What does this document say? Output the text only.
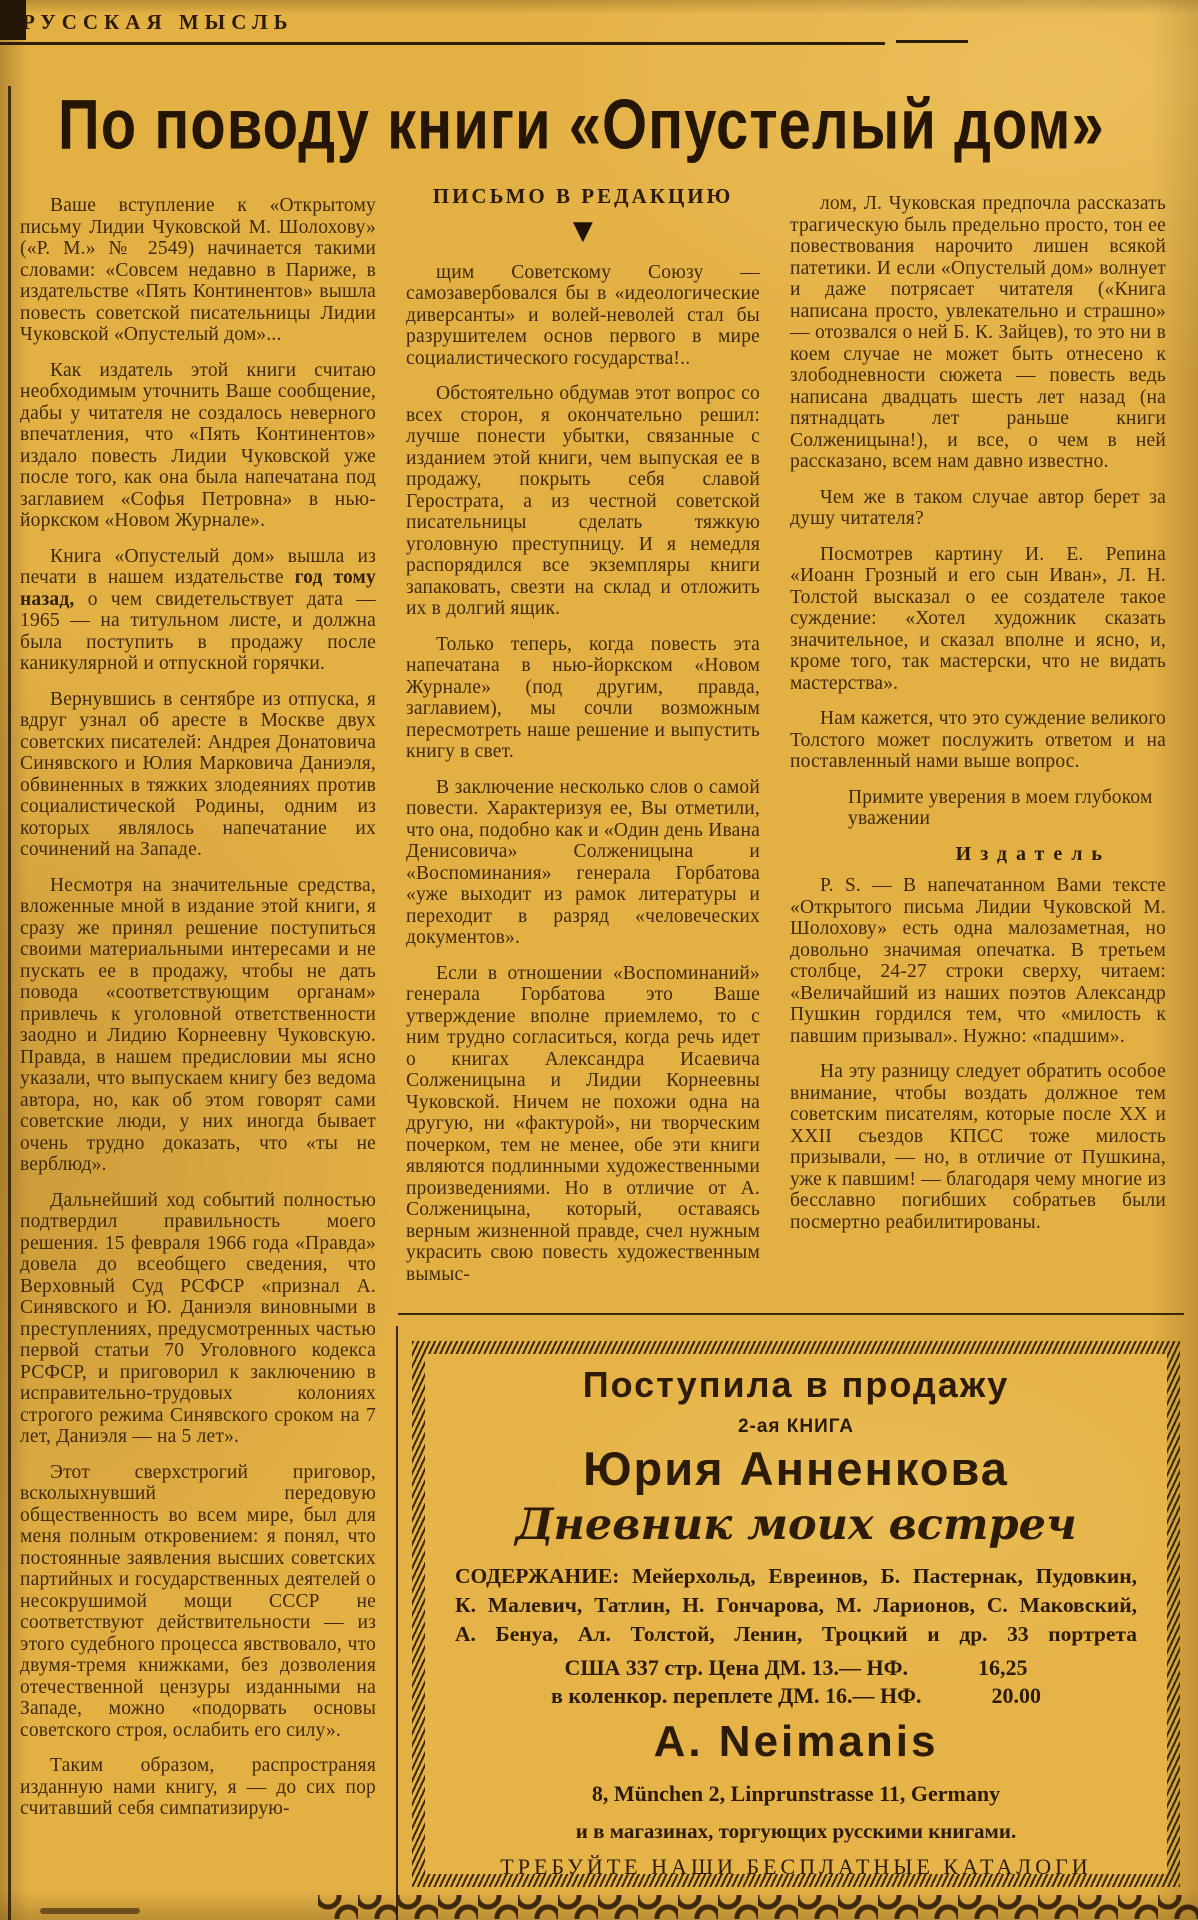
РУССКАЯ МЫСЛЬ
По поводу книги «Опустелый дом»

Ваше вступление к «Открытому письму Лидии Чуковской М. Шолохову» («Р. М.» № 2549) начинается такими словами: «Совсем недавно в Париже, в издательстве «Пять Континентов» вышла повесть советской писательницы Лидии Чуковской «Опустелый дом»...

Как издатель этой книги считаю необходимым уточнить Ваше сообщение, дабы у читателя не создалось неверного впечатления, что «Пять Континентов» издало повесть Лидии Чуковской уже после того, как она была напечатана под заглавием «Софья Петровна» в нью-йоркском «Новом Журнале».

Книга «Опустелый дом» вышла из печати в нашем издательстве год тому назад, о чем свидетельствует дата — 1965 — на титульном листе, и должна была поступить в продажу после каникулярной и отпускной горячки.

Вернувшись в сентябре из отпуска, я вдруг узнал об аресте в Москве двух советских писателей: Андрея Донатовича Синявского и Юлия Марковича Даниэля, обвиненных в тяжких злодеяниях против социалистической Родины, одним из которых являлось напечатание их сочинений на Западе.

Несмотря на значительные средства, вложенные мной в издание этой книги, я сразу же принял решение поступиться своими материальными интересами и не пускать ее в продажу, чтобы не дать повода «соответствующим органам» привлечь к уголовной ответственности заодно и Лидию Корнеевну Чуковскую. Правда, в нашем предисловии мы ясно указали, что выпускаем книгу без ведома автора, но, как об этом говорят сами советские люди, у них иногда бывает очень трудно доказать, что «ты не верблюд».

Дальнейший ход событий полностью подтвердил правильность моего решения. 15 февраля 1966 года «Правда» довела до всеобщего сведения, что Верховный Суд РСФСР «признал А. Синявского и Ю. Даниэля виновными в преступлениях, предусмотренных частью первой статьи 70 Уголовного кодекса РСФСР, и приговорил к заключению в исправительно-трудовых колониях строгого режима Синявского сроком на 7 лет, Даниэля — на 5 лет».

Этот сверхстрогий приговор, всколыхнувший передовую общественность во всем мире, был для меня полным откровением: я понял, что постоянные заявления высших советских партийных и государственных деятелей о несокрушимой мощи СССР не соответствуют действительности — из этого судебного процесса явствовало, что двумя-тремя книжками, без дозволения отечественной цензуры изданными на Западе, можно «подорвать основы советского строя, ослабить его силу».

Таким образом, распространяя изданную нами книгу, я — до сих пор считавший себя симпатизирую-

ПИСЬМО В РЕДАКЦИЮ

▼

щим Советскому Союзу — самозавербовался бы в «идеологические диверсанты» и волей-неволей стал бы разрушителем основ первого в мире социалистического государства!..

Обстоятельно обдумав этот вопрос со всех сторон, я окончательно решил: лучше понести убытки, связанные с изданием этой книги, чем выпуская ее в продажу, покрыть себя славой Герострата, а из честной советской писательницы сделать тяжкую уголовную преступницу. И я немедля распорядился все экземпляры книги запаковать, свезти на склад и отложить их в долгий ящик.

Только теперь, когда повесть эта напечатана в нью-йоркском «Новом Журнале» (под другим, правда, заглавием), мы сочли возможным пересмотреть наше решение и выпустить книгу в свет.

В заключение несколько слов о самой повести. Характеризуя ее, Вы отметили, что она, подобно как и «Один день Ивана Денисовича» Солженицына и «Воспоминания» генерала Горбатова «уже выходит из рамок литературы и переходит в разряд «человеческих документов».

Если в отношении «Воспоминаний» генерала Горбатова это Ваше утверждение вполне приемлемо, то с ним трудно согласиться, когда речь идет о книгах Александра Исаевича Солженицына и Лидии Корнеевны Чуковской. Ничем не похожи одна на другую, ни «фактурой», ни творческим почерком, тем не менее, обе эти книги являются подлинными художественными произведениями. Но в отличие от А. Солженицына, который, оставаясь верным жизненной правде, счел нужным украсить свою повесть художественным вымыс-

лом, Л. Чуковская предпочла рассказать трагическую быль предельно просто, тон ее повествования нарочито лишен всякой патетики. И если «Опустелый дом» волнует и даже потрясает читателя («Книга написана просто, увлекательно и страшно» — отозвался о ней Б. К. Зайцев), то это ни в коем случае не может быть отнесено к злободневности сюжета — повесть ведь написана двадцать шесть лет назад (на пятнадцать лет раньше книги Солженицына!), и все, о чем в ней рассказано, всем нам давно известно.

Чем же в таком случае автор берет за душу читателя?

Посмотрев картину И. Е. Репина «Иоанн Грозный и его сын Иван», Л. Н. Толстой высказал о ее создателе такое суждение: «Хотел художник сказать значительное, и сказал вполне и ясно, и, кроме того, так мастерски, что не видать мастерства».

Нам кажется, что это суждение великого Толстого может послужить ответом и на поставленный нами выше вопрос.

Примите уверения в моем глубоком уважении

Издатель

Р. S. — В напечатанном Вами тексте «Открытого письма Лидии Чуковской М. Шолохову» есть одна малозаметная, но довольно значимая опечатка. В третьем столбце, 24-27 строки сверху, читаем: «Величайший из наших поэтов Александр Пушкин гордился тем, что «милость к павшим призывал». Нужно: «падшим».

На эту разницу следует обратить особое внимание, чтобы воздать должное тем советским писателям, которые после XX и XXII съездов КПСС тоже милость призывали, — но, в отличие от Пушкина, уже к павшим! — благодаря чему многие из бесславно погибших собратьев были посмертно реабилитированы.

Поступила в продажу
2-ая КНИГА
Юрия Анненкова
Дневник моих встреч
СОДЕРЖАНИЕ: Мейерхольд, Евреинов, Б. Пастернак, Пудовкин,
К. Малевич, Татлин, Н. Гончарова, М. Ларионов, С. Маковский,
А. Бенуа, Ал. Толстой, Ленин, Троцкий и др. 33 портрета
США 337 стр. Цена ДМ. 13.— НФ.	16,25
в коленкор. переплете ДМ. 16.— НФ.	20.00
A. Neimanis
8, München 2, Linprunstrasse 11, Germany
и в магазинах, торгующих русскими книгами.
ТРЕБУЙТЕ НАШИ БЕСПЛАТНЫЕ КАТАЛОГИ
